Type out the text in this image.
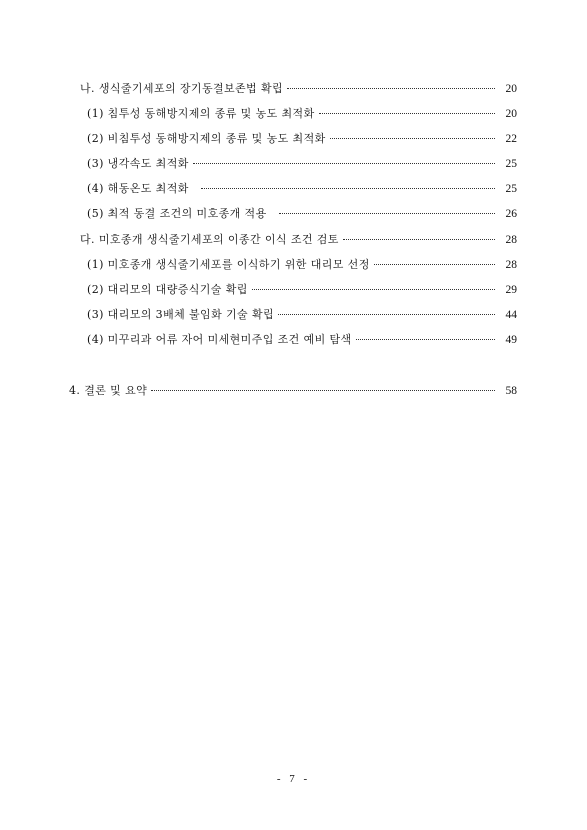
나. 생식줄기세포의 장기동결보존법 확립	20
(1) 침투성 동해방지제의 종류 및 농도 최적화	20
(2) 비침투성 동해방지제의 종류 및 농도 최적화	22
(3) 냉각속도 최적화	25
(4) 해동온도 최적화	25
(5) 최적 동결 조건의 미호종개 적용	26
다. 미호종개 생식줄기세포의 이종간 이식 조건 검토	28
(1) 미호종개 생식줄기세포를 이식하기 위한 대리모 선정	28
(2) 대리모의 대량증식기술 확립	29
(3) 대리모의 3배체 불임화 기술 확립	44
(4) 미꾸리과 어류 자어 미세현미주입 조건 예비 탐색	49
4. 결론 및 요약	58
- 7 -
